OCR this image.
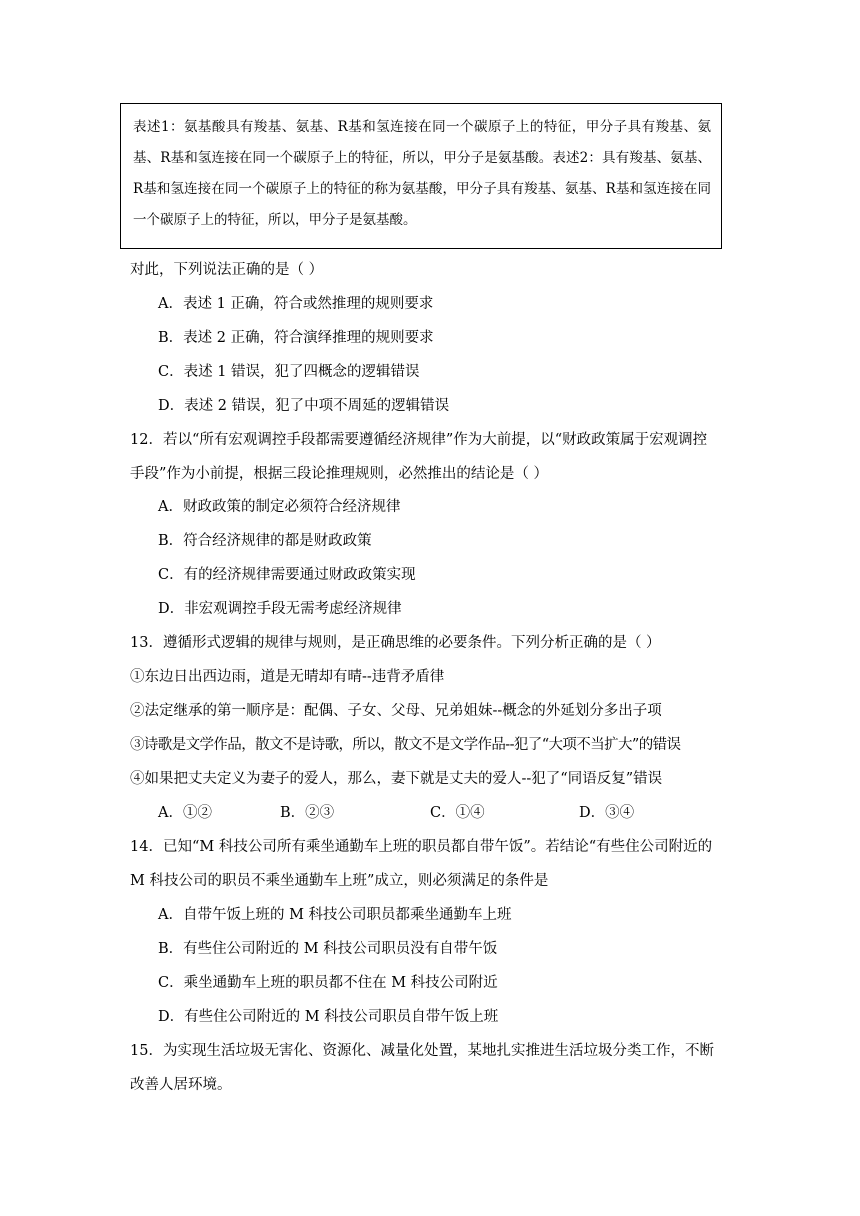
表述1：氨基酸具有羧基、氨基、R基和氢连接在同一个碳原子上的特征，甲分子具有羧基、氨基、R基和氢连接在同一个碳原子上的特征，所以，甲分子是氨基酸。表述2：具有羧基、氨基、R基和氢连接在同一个碳原子上的特征的称为氨基酸，甲分子具有羧基、氨基、R基和氢连接在同一个碳原子上的特征，所以，甲分子是氨基酸。
对此，下列说法正确的是（ ）
A．表述 1 正确，符合或然推理的规则要求
B．表述 2 正确，符合演绎推理的规则要求
C．表述 1 错误，犯了四概念的逻辑错误
D．表述 2 错误，犯了中项不周延的逻辑错误
12．若以“所有宏观调控手段都需要遵循经济规律”作为大前提，以“财政政策属于宏观调控
手段”作为小前提，根据三段论推理规则，必然推出的结论是（ ）
A．财政政策的制定必须符合经济规律
B．符合经济规律的都是财政政策
C．有的经济规律需要通过财政政策实现
D．非宏观调控手段无需考虑经济规律
13．遵循形式逻辑的规律与规则，是正确思维的必要条件。下列分析正确的是（ ）
①东边日出西边雨，道是无晴却有晴--违背矛盾律
②法定继承的第一顺序是：配偶、子女、父母、兄弟姐妹--概念的外延划分多出子项
③诗歌是文学作品，散文不是诗歌，所以，散文不是文学作品--犯了“大项不当扩大”的错误
④如果把丈夫定义为妻子的爱人，那么，妻下就是丈夫的爱人--犯了“同语反复”错误
A．①②	B．②③	C．①④	D．③④
14．已知“M 科技公司所有乘坐通勤车上班的职员都自带午饭”。若结论“有些住公司附近的
M 科技公司的职员不乘坐通勤车上班”成立，则必须满足的条件是
A．自带午饭上班的 M 科技公司职员都乘坐通勤车上班
B．有些住公司附近的 M 科技公司职员没有自带午饭
C．乘坐通勤车上班的职员都不住在 M 科技公司附近
D．有些住公司附近的 M 科技公司职员自带午饭上班
15．为实现生活垃圾无害化、资源化、减量化处置，某地扎实推进生活垃圾分类工作，不断
改善人居环境。
